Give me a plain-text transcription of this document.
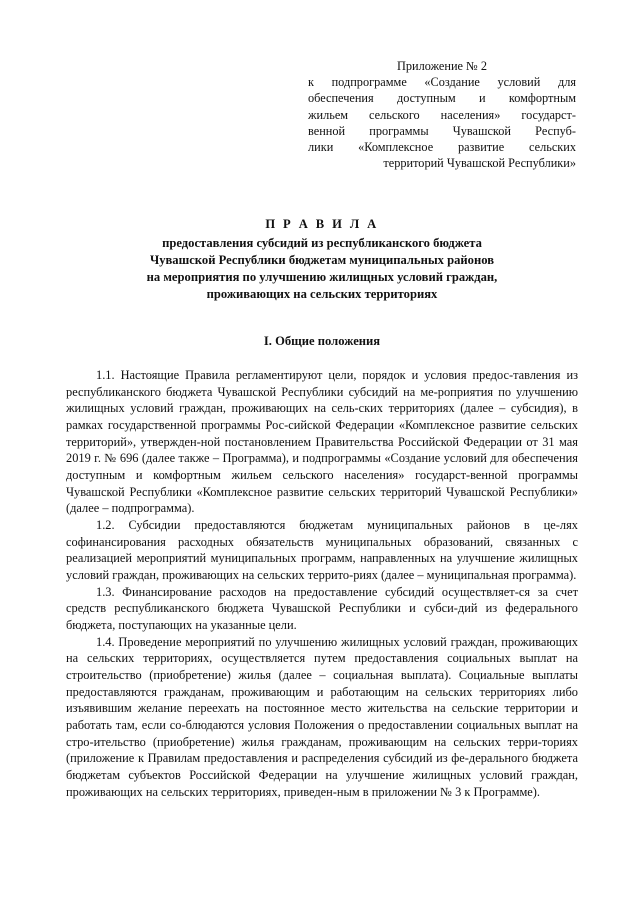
Приложение № 2

к подпрограмме «Создание условий для

обеспечения доступным и комфортным

жильем сельского населения» государст-

венной программы Чувашской Респуб-

лики «Комплексное развитие сельских

территорий Чувашской Республики»

П Р А В И Л А

предоставления субсидий из республиканского бюджета

Чувашской Республики бюджетам муниципальных районов

на мероприятия по улучшению жилищных условий граждан,

проживающих на сельских территориях

I. Общие положения

1.1. Настоящие Правила регламентируют цели, порядок и условия предос-тавления из республиканского бюджета Чувашской Республики субсидий на ме-роприятия по улучшению жилищных условий граждан, проживающих на сель-ских территориях (далее – субсидия), в рамках государственной программы Рос-сийской Федерации «Комплексное развитие сельских территорий», утвержден-ной постановлением Правительства Российской Федерации от 31 мая 2019 г. № 696 (далее также – Программа), и подпрограммы «Создание условий для обеспечения доступным и комфортным жильем сельского населения» государст-венной программы Чувашской Республики «Комплексное развитие сельских территорий Чувашской Республики» (далее – подпрограмма).

1.2. Субсидии предоставляются бюджетам муниципальных районов в це-лях софинансирования расходных обязательств муниципальных образований, связанных с реализацией мероприятий муниципальных программ, направленных на улучшение жилищных условий граждан, проживающих на сельских террито-риях (далее – муниципальная программа).

1.3. Финансирование расходов на предоставление субсидий осуществляет-ся за счет средств республиканского бюджета Чувашской Республики и субси-дий из федерального бюджета, поступающих на указанные цели.

1.4. Проведение мероприятий по улучшению жилищных условий граждан, проживающих на сельских территориях, осуществляется путем предоставления социальных выплат на строительство (приобретение) жилья (далее – социальная выплата). Социальные выплаты предоставляются гражданам, проживающим и работающим на сельских территориях либо изъявившим желание переехать на постоянное место жительства на сельские территории и работать там, если со-блюдаются условия Положения о предоставлении социальных выплат на стро-ительство (приобретение) жилья гражданам, проживающим на сельских терри-ториях (приложение к Правилам предоставления и распределения субсидий из фе-дерального бюджета бюджетам субъектов Российской Федерации на улучшение жилищных условий граждан, проживающих на сельских территориях, приведен-ным в приложении № 3 к Программе).
